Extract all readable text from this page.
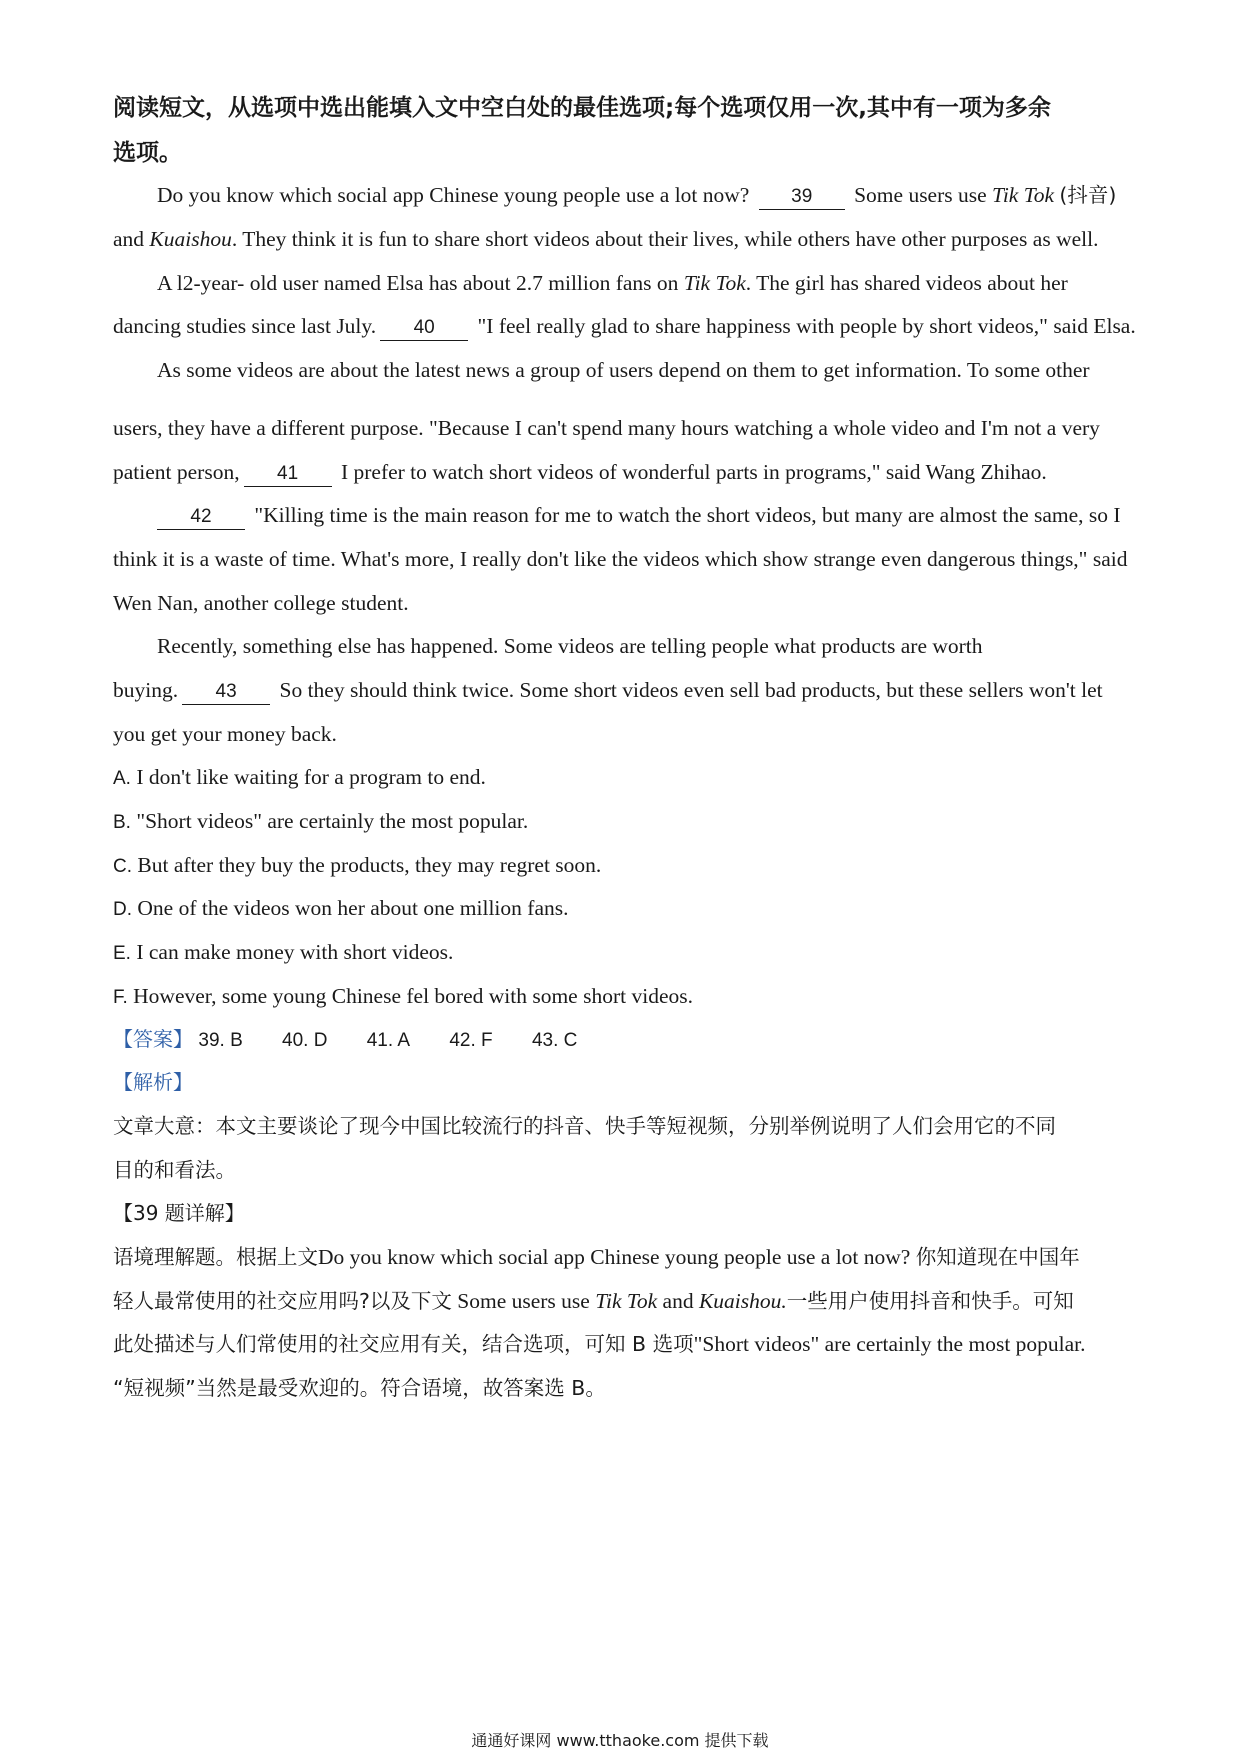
阅读短文，从选项中选出能填入文中空白处的最佳选项;每个选项仅用一次,其中有一项为多余
选项。
Do you know which social app Chinese young people use a lot now? 39 Some users use Tik Tok (抖音)
and Kuaishou. They think it is fun to share short videos about their lives, while others have other purposes as well.
A l2-year- old user named Elsa has about 2.7 million fans on Tik Tok. The girl has shared videos about her
dancing studies since last July. 40 "I feel really glad to share happiness with people by short videos," said Elsa.
As some videos are about the latest news a group of users depend on them to get information. To some other
users, they have a different purpose. "Because I can't spend many hours watching a whole video and I'm not a very
patient person, 41 I prefer to watch short videos of wonderful parts in programs," said Wang Zhihao.
42 "Killing time is the main reason for me to watch the short videos, but many are almost the same, so I
think it is a waste of time. What's more, I really don't like the videos which show strange even dangerous things," said
Wen Nan, another college student.
Recently, something else has happened. Some videos are telling people what products are worth
buying. 43 So they should think twice. Some short videos even sell bad products, but these sellers won't let
you get your money back.
A. I don't like waiting for a program to end.
B. "Short videos" are certainly the most popular.
C. But after they buy the products, they may regret soon.
D. One of the videos won her about one million fans.
E. I can make money with short videos.
F. However, some young Chinese fel bored with some short videos.
【答案】 39. B 40. D 41. A 42. F 43. C
【解析】
文章大意：本文主要谈论了现今中国比较流行的抖音、快手等短视频，分别举例说明了人们会用它的不同
目的和看法。
【39 题详解】
语境理解题。根据上文Do you know which social app Chinese young people use a lot now? 你知道现在中国年
轻人最常使用的社交应用吗?以及下文 Some users use Tik Tok and Kuaishou.一些用户使用抖音和快手。可知
此处描述与人们常使用的社交应用有关，结合选项，可知 B 选项"Short videos" are certainly the most popular.
“短视频”当然是最受欢迎的。符合语境，故答案选 B。
通通好课网 www.tthaoke.com 提供下载
